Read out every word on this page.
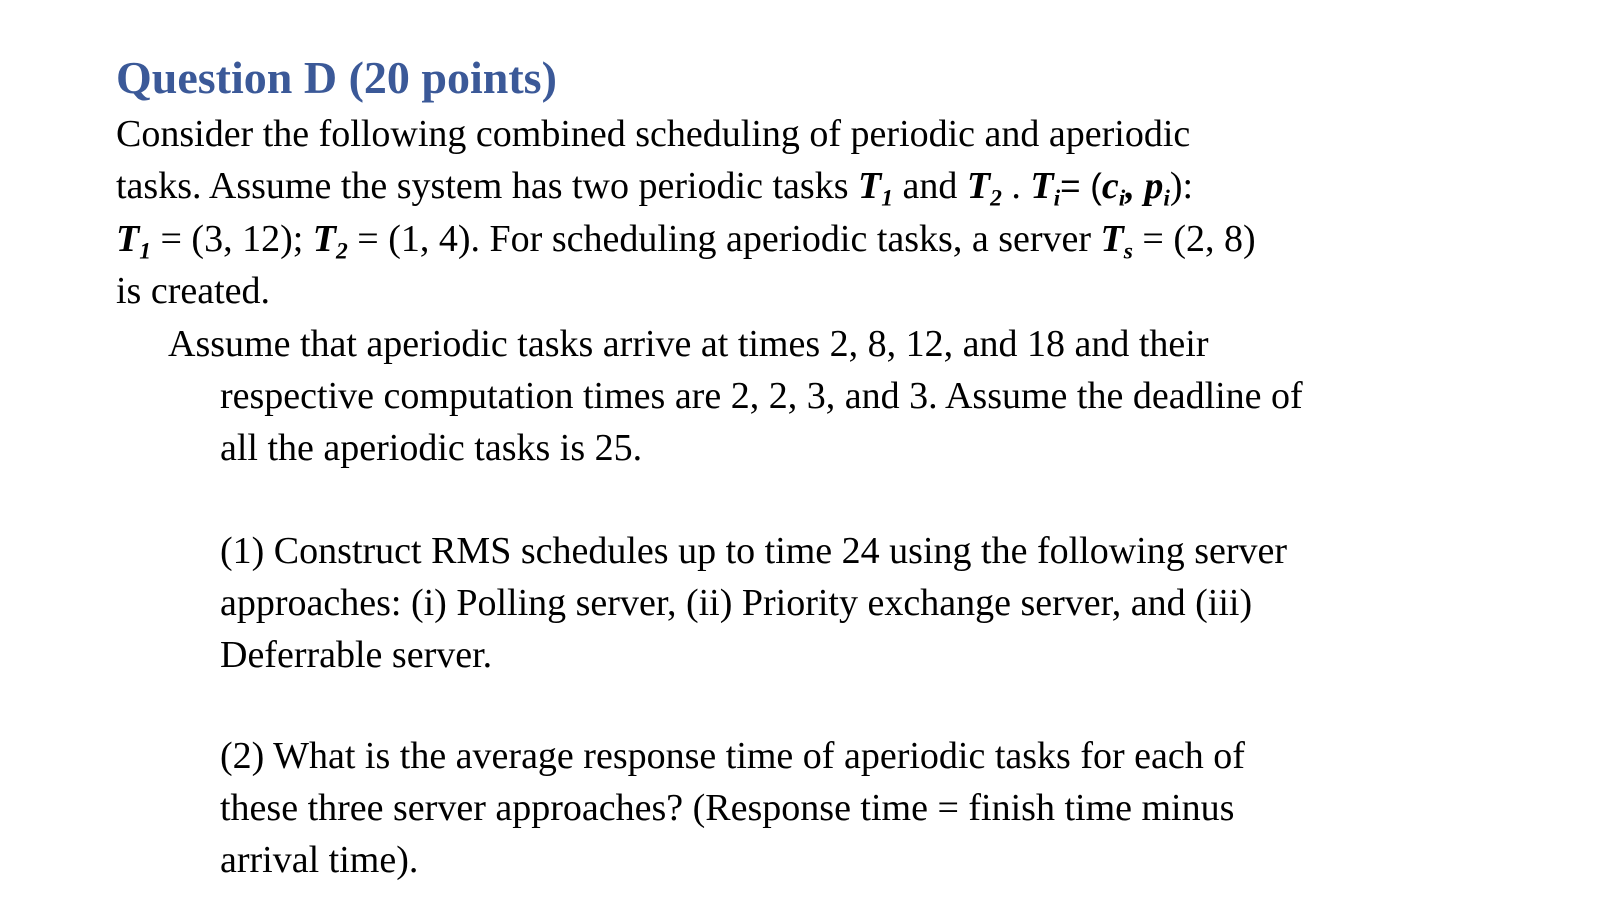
Question D (20 points)
Consider the following combined scheduling of periodic and aperiodic
tasks. Assume the system has two periodic tasks $T_1$ and $T_2$ . $T_i= (c_i$, $p_i$):
$T_1 = (3$, 12); $T_2 = (1$, 4). For scheduling aperiodic tasks, a server $T_s = (2$, 8)
is created.
Assume that aperiodic tasks arrive at times 2, 8, 12, and 18 and their
respective computation times are 2, 2, 3, and 3. Assume the deadline of
all the aperiodic tasks is 25.
(1) Construct RMS schedules up to time 24 using the following server
approaches: (i) Polling server, (ii) Priority exchange server, and (iii)
Deferrable server.
(2) What is the average response time of aperiodic tasks for each of
these three server approaches? (Response time = finish time minus
arrival time).
